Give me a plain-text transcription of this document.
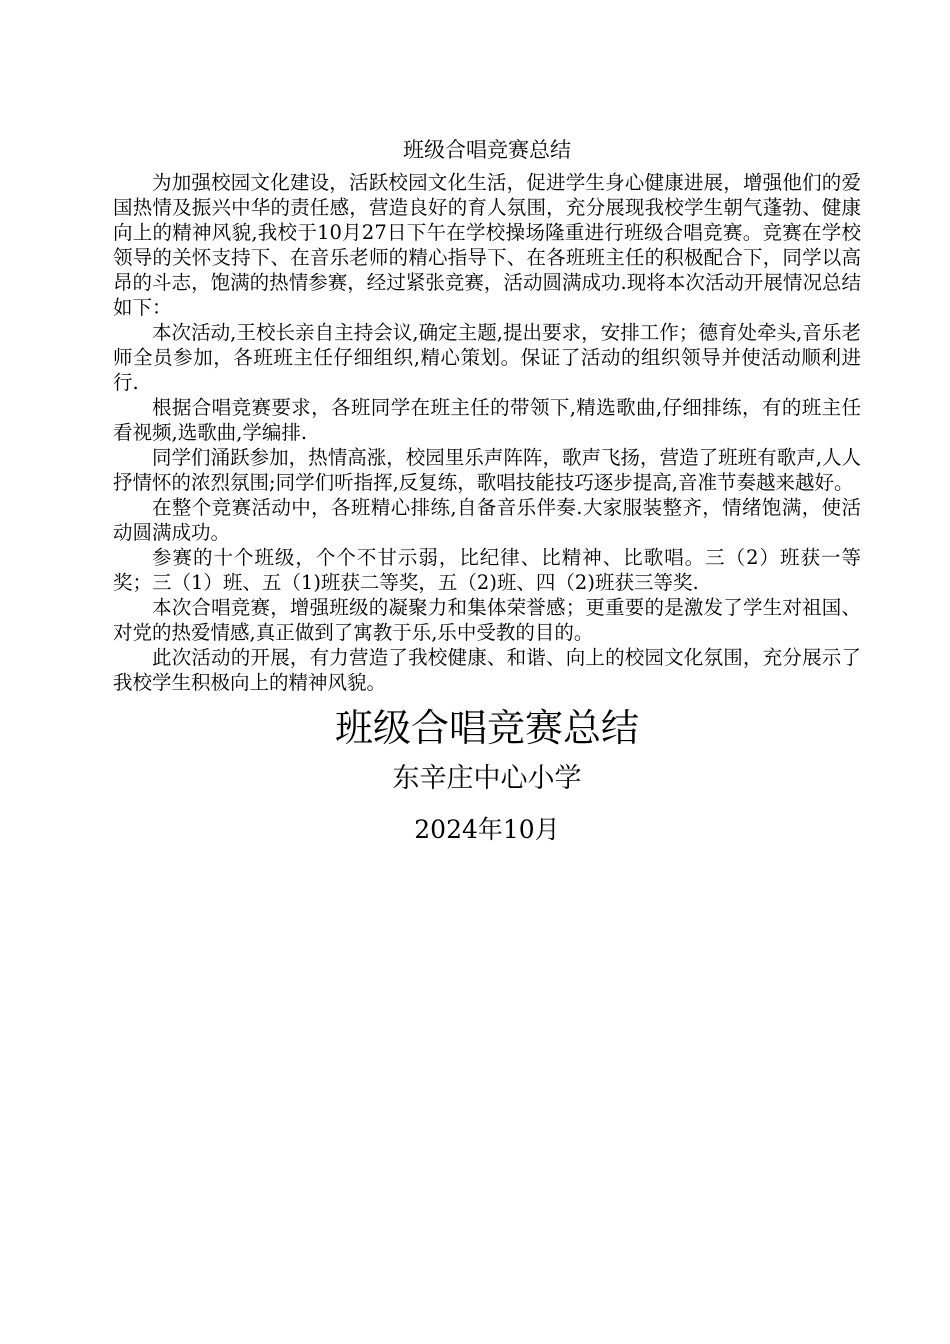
班级合唱竞赛总结

为加强校园文化建设，活跃校园文化生活，促进学生身心健康进展，增强他们的爱国热情及振兴中华的责任感，营造良好的育人氛围，充分展现我校学生朝气蓬勃、健康向上的精神风貌,我校于10月27日下午在学校操场隆重进行班级合唱竞赛。竞赛在学校领导的关怀支持下、在音乐老师的精心指导下、在各班班主任的积极配合下，同学以高昂的斗志，饱满的热情参赛，经过紧张竞赛，活动圆满成功.现将本次活动开展情况总结如下：

本次活动,王校长亲自主持会议,确定主题,提出要求，安排工作；德育处牵头,音乐老师全员参加，各班班主任仔细组织,精心策划。保证了活动的组织领导并使活动顺利进行.

根据合唱竞赛要求，各班同学在班主任的带领下,精选歌曲,仔细排练，有的班主任看视频,选歌曲,学编排.

同学们涌跃参加，热情高涨，校园里乐声阵阵，歌声飞扬，营造了班班有歌声,人人抒情怀的浓烈氛围;同学们听指挥,反复练，歌唱技能技巧逐步提高,音准节奏越来越好。

在整个竞赛活动中，各班精心排练,自备音乐伴奏.大家服装整齐，情绪饱满，使活动圆满成功。

参赛的十个班级，个个不甘示弱，比纪律、比精神、比歌唱。三（2）班获一等奖；三（1）班、五（1)班获二等奖，五（2)班、四（2)班获三等奖.

本次合唱竞赛，增强班级的凝聚力和集体荣誉感；更重要的是激发了学生对祖国、对党的热爱情感,真正做到了寓教于乐,乐中受教的目的。

此次活动的开展，有力营造了我校健康、和谐、向上的校园文化氛围，充分展示了我校学生积极向上的精神风貌。

班级合唱竞赛总结
东辛庄中心小学
2024年10月
